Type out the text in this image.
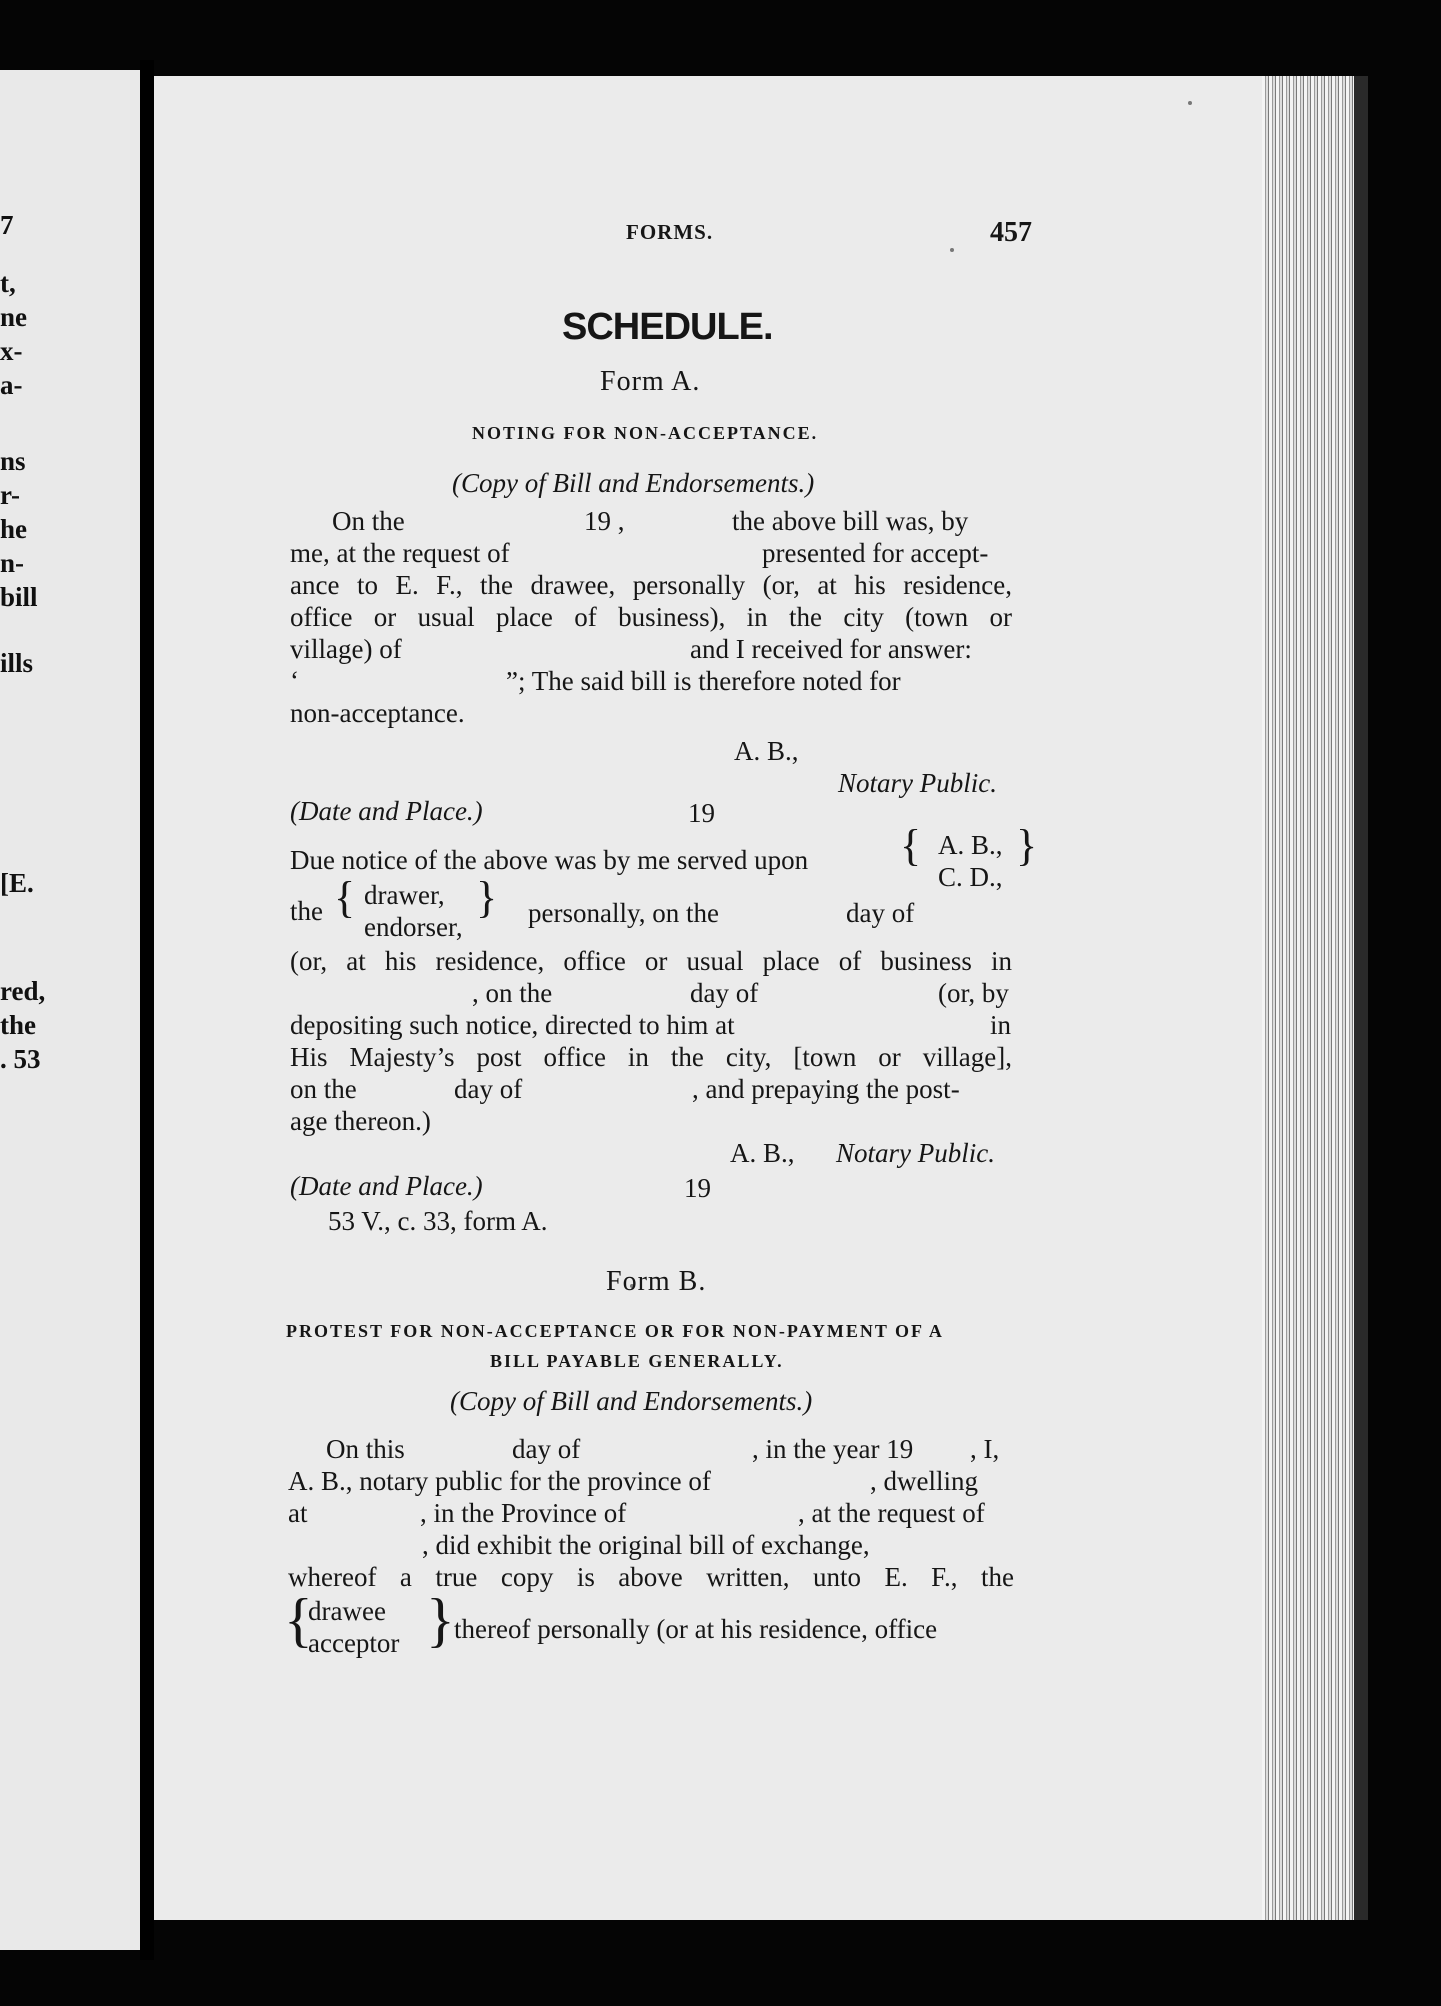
7
t,
ne
x-
a-
ns
r-
he
n-
bill
ills
[E.
red,
the
. 53
FORMS.	457
SCHEDULE.
Form A.
NOTING FOR NON-ACCEPTANCE.
(Copy of Bill and Endorsements.)
On the	19 ,	the above bill was, by
me, at the request of	presented for accept-
ance to E. F., the drawee, personally (or, at his residence,
office or usual place of business), in the city (town or
village) of	and I received for answer:
‘	”; The said bill is therefore noted for
non-acceptance.
A. B.,
Notary Public.
(Date and Place.)	19
Due notice of the above was by me served upon { A. B.,
C. D.,
}
the { drawer,
endorser,
} personally, on the	day of
(or, at his residence, office or usual place of business in
, on the	day of	(or, by
depositing such notice, directed to him at	in
His Majesty’s post office in the city, [town or village],
on the	day of	, and prepaying the post-
age thereon.)
A. B., Notary Public.
(Date and Place.)	19
53 V., c. 33, form A.
Form B.
PROTEST FOR NON-ACCEPTANCE OR FOR NON-PAYMENT OF A
BILL PAYABLE GENERALLY.
(Copy of Bill and Endorsements.)
On this	day of	, in the year 19 , I,
A. B., notary public for the province of	, dwelling
at	, in the Province of	, at the request of
, did exhibit the original bill of exchange,
whereof a true copy is above written, unto E. F., the
{
drawee
acceptor } thereof personally (or at his residence, office
